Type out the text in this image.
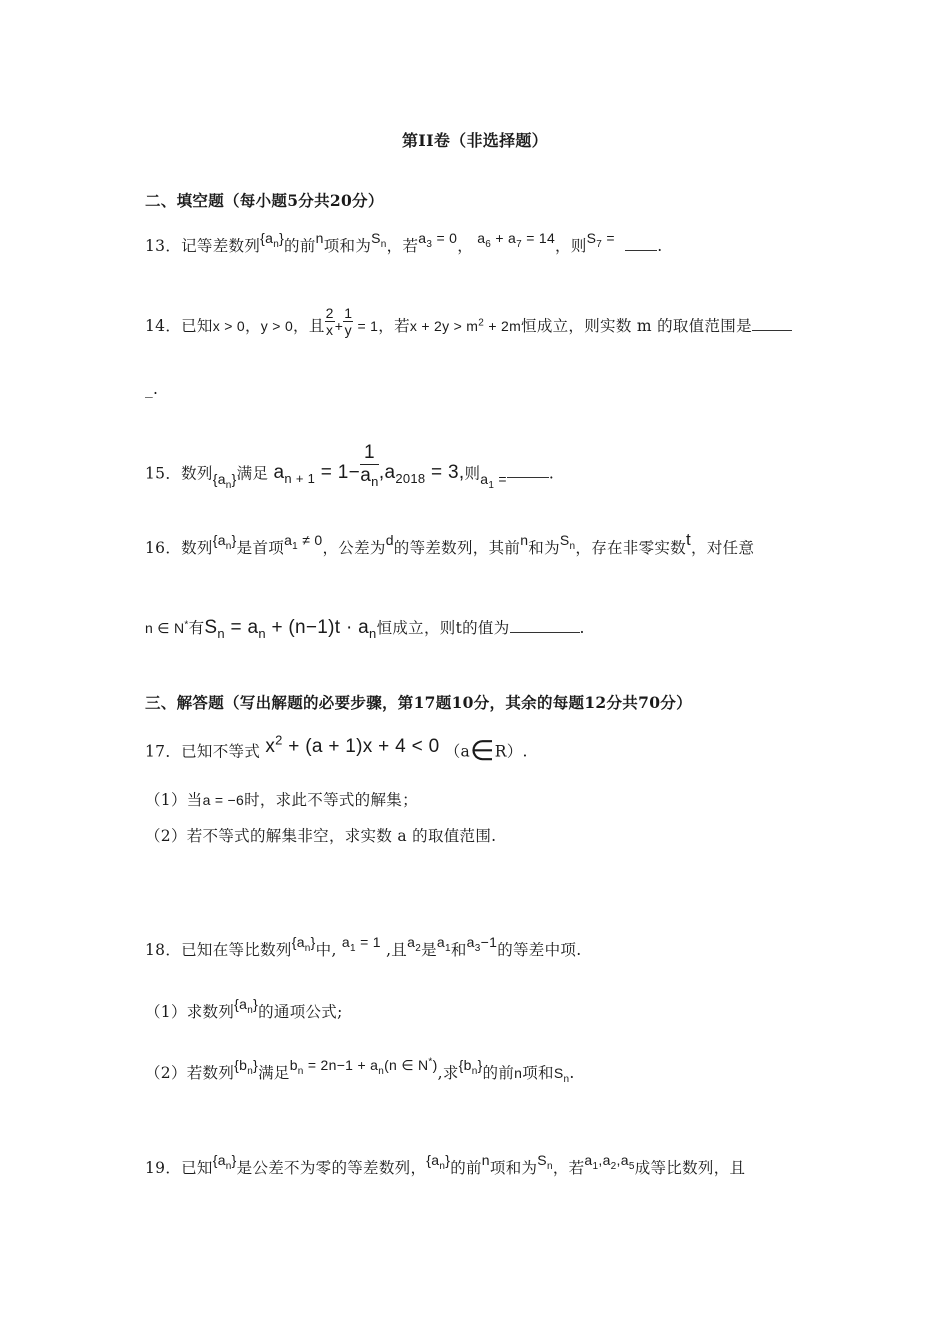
第II卷（非选择题）
二、填空题（每小题5分共20分）
13．记等差数列$\{a_n\}$的前n项和为$S_n$，若$a_3 = 0$， $a_6 + a_7 = 14$，则$S_7$ =	.
14．已知x > 0，y > 0，且 $\frac{2}{x} + \frac{1}{y} = 1$，若$x + 2y > m^2 + 2m$恒成立，则实数 m 的取值范围是
_.
15．数列$\{a_n\}$满足 $a_{n + 1} = 1- \frac{1}{a_n} ,a_{2018} = 3$,则$a_1$ =	.
16．数列$\{a_n\}$是首项$a_1 \ne 0$，公差为d的等差数列，其前n和为$S_n$，存在非零实数t，对任意
n ∈ N*有$S_n = a_n + (n-1)t \cdot a_n$恒成立，则t的值为	.
三、解答题（写出解题的必要步骤，第17题10分，其余的每题12分共70分）
17．已知不等式 $x^2 + (a + 1)x + 4 < 0$ （a∈R）.
（1）当a = −6时，求此不等式的解集；
（2）若不等式的解集非空，求实数 a 的取值范围.
18．已知在等比数列$\{a_n\}$中, $a_1 = 1$ ,且$a_2$是$a_1$和$a_3-1$的等差中项.
（1）求数列$\{a_n\}$的通项公式;
（2）若数列$\{b_n\}$满足$b_n = 2n-1 + a_n(n$ ∈ N*),求$\{b_n\}$的前n项和$S_n$.
19．已知$\{a_n\}$是公差不为零的等差数列，$\{a_n\}$的前n项和为$S_n$，若$a_1,a_2,a_5$成等比数列，且
